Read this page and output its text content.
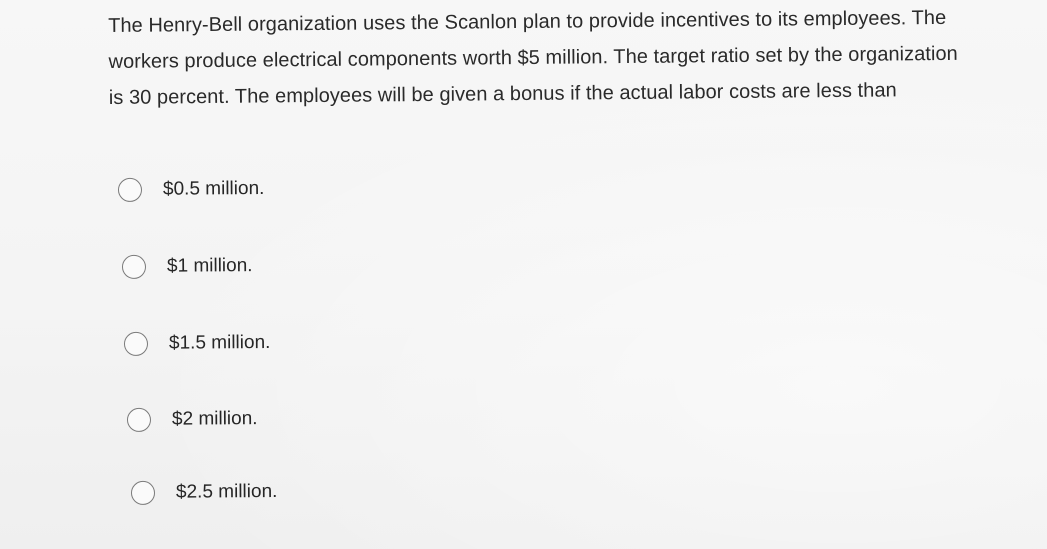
The Henry-Bell organization uses the Scanlon plan to provide incentives to its employees. The workers produce electrical components worth $5 million. The target ratio set by the organization is 30 percent. The employees will be given a bonus if the actual labor costs are less than

$0.5 million.
$1 million.
$1.5 million.
$2 million.
$2.5 million.
